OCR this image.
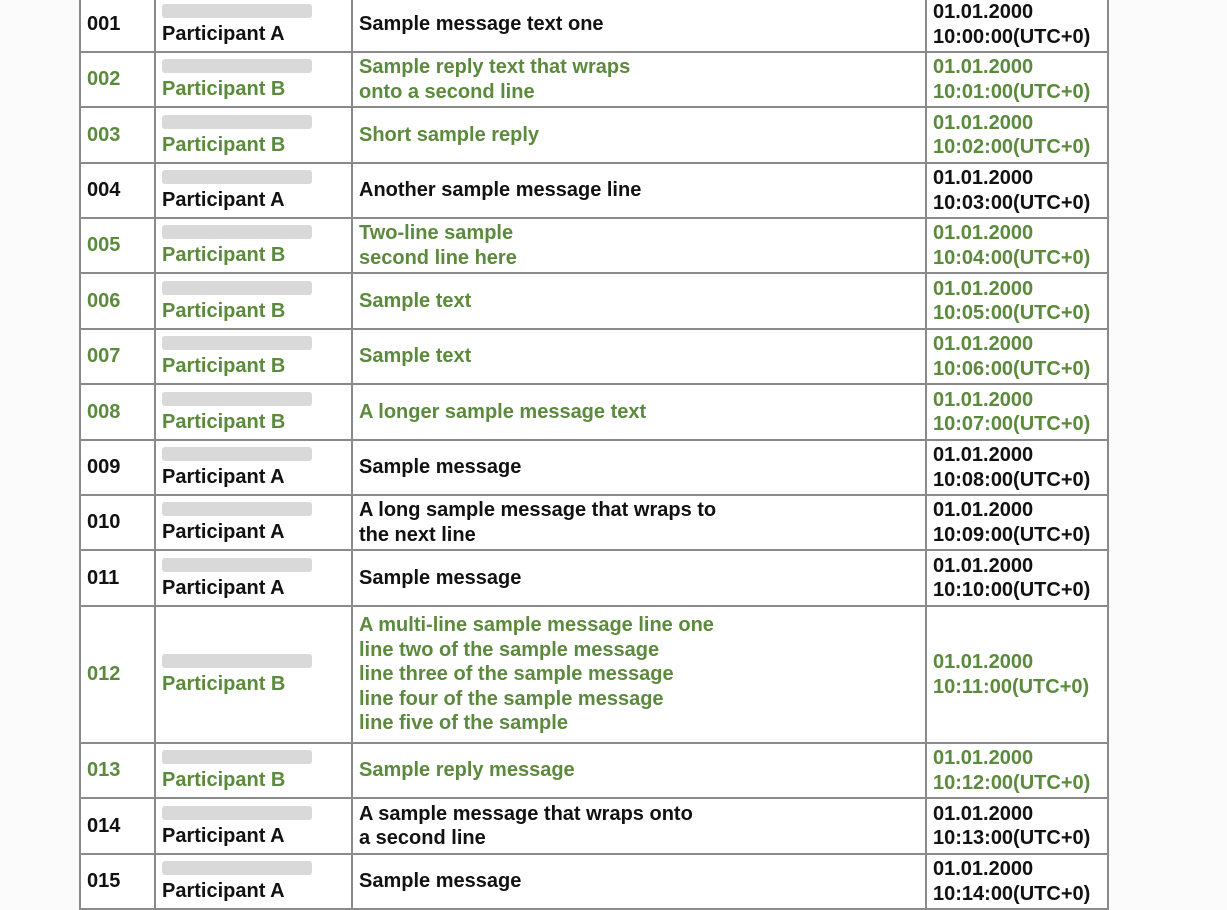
001	Participant A	Sample message text one	01.01.2000
10:00:00(UTC+0)

002	Participant B	Sample reply text that wraps
onto a second line	01.01.2000
10:01:00(UTC+0)

003	Participant B	Short sample reply	01.01.2000
10:02:00(UTC+0)

004	Participant A	Another sample message line	01.01.2000
10:03:00(UTC+0)

005	Participant B	Two-line sample
second line here	01.01.2000
10:04:00(UTC+0)

006	Participant B	Sample text	01.01.2000
10:05:00(UTC+0)

007	Participant B	Sample text	01.01.2000
10:06:00(UTC+0)

008	Participant B	A longer sample message text	01.01.2000
10:07:00(UTC+0)

009	Participant A	Sample message	01.01.2000
10:08:00(UTC+0)

010	Participant A	A long sample message that wraps to
the next line	01.01.2000
10:09:00(UTC+0)

011	Participant A	Sample message	01.01.2000
10:10:00(UTC+0)

012	Participant B	A multi-line sample message line one
line two of the sample message
line three of the sample message
line four of the sample message
line five of the sample	01.01.2000
10:11:00(UTC+0)

013	Participant B	Sample reply message	01.01.2000
10:12:00(UTC+0)

014	Participant A	A sample message that wraps onto
a second line	01.01.2000
10:13:00(UTC+0)

015	Participant A	Sample message	01.01.2000
10:14:00(UTC+0)
